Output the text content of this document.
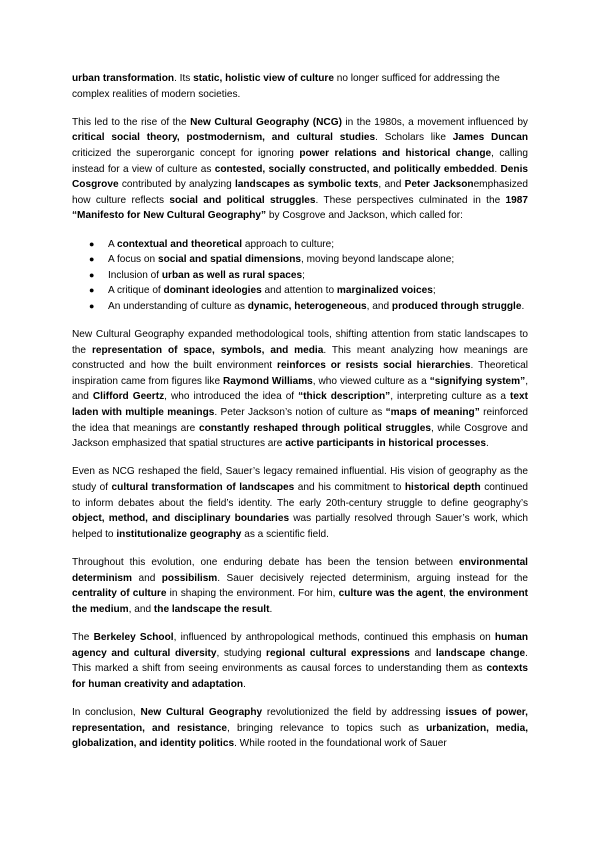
urban transformation. Its static, holistic view of culture no longer sufficed for addressing the complex realities of modern societies.

This led to the rise of the New Cultural Geography (NCG) in the 1980s, a movement influenced by critical social theory, postmodernism, and cultural studies. Scholars like James Duncan criticized the superorganic concept for ignoring power relations and historical change, calling instead for a view of culture as contested, socially constructed, and politically embedded. Denis Cosgrove contributed by analyzing landscapes as symbolic texts, and Peter Jacksonemphasized how culture reflects social and political struggles. These perspectives culminated in the 1987 “Manifesto for New Cultural Geography” by Cosgrove and Jackson, which called for:

● A contextual and theoretical approach to culture;
● A focus on social and spatial dimensions, moving beyond landscape alone;
● Inclusion of urban as well as rural spaces;
● A critique of dominant ideologies and attention to marginalized voices;
● An understanding of culture as dynamic, heterogeneous, and produced through struggle.

New Cultural Geography expanded methodological tools, shifting attention from static landscapes to the representation of space, symbols, and media. This meant analyzing how meanings are constructed and how the built environment reinforces or resists social hierarchies. Theoretical inspiration came from figures like Raymond Williams, who viewed culture as a “signifying system”, and Clifford Geertz, who introduced the idea of “thick description”, interpreting culture as a text laden with multiple meanings. Peter Jackson’s notion of culture as “maps of meaning” reinforced the idea that meanings are constantly reshaped through political struggles, while Cosgrove and Jackson emphasized that spatial structures are active participants in historical processes.

Even as NCG reshaped the field, Sauer’s legacy remained influential. His vision of geography as the study of cultural transformation of landscapes and his commitment to historical depth continued to inform debates about the field’s identity. The early 20th-century struggle to define geography’s object, method, and disciplinary boundaries was partially resolved through Sauer’s work, which helped to institutionalize geography as a scientific field.

Throughout this evolution, one enduring debate has been the tension between environmental determinism and possibilism. Sauer decisively rejected determinism, arguing instead for the centrality of culture in shaping the environment. For him, culture was the agent, the environment the medium, and the landscape the result.

The Berkeley School, influenced by anthropological methods, continued this emphasis on human agency and cultural diversity, studying regional cultural expressions and landscape change. This marked a shift from seeing environments as causal forces to understanding them as contexts for human creativity and adaptation.

In conclusion, New Cultural Geography revolutionized the field by addressing issues of power, representation, and resistance, bringing relevance to topics such as urbanization, media, globalization, and identity politics. While rooted in the foundational work of Sauer
